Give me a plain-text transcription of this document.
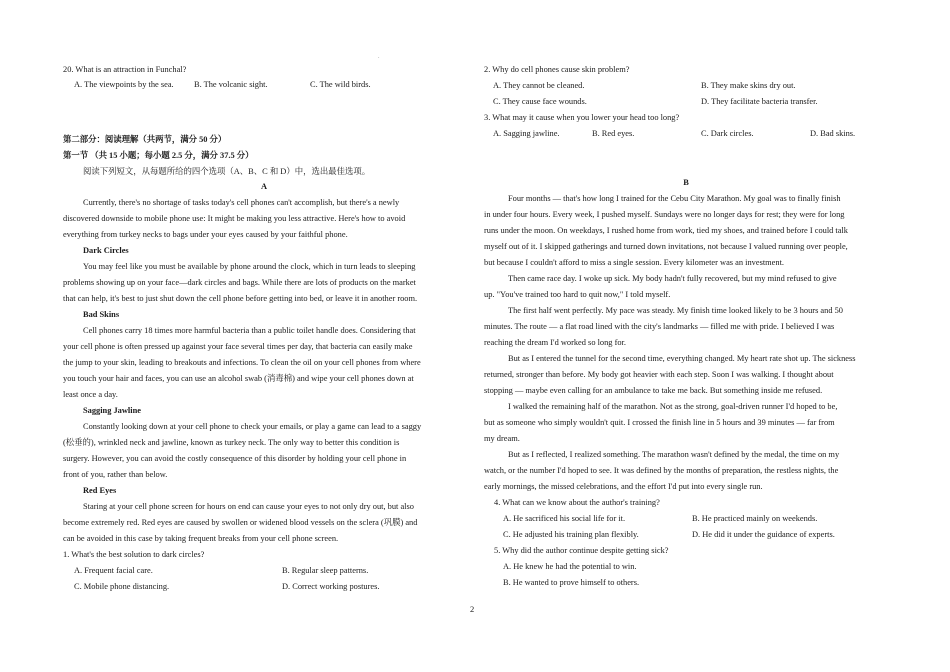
.
20. What is an attraction in Funchal?
A. The viewpoints by the sea. B. The volcanic sight.	C. The wild birds.
第二部分：阅读理解（共两节，满分 50 分）
第一节 （共 15 小题；每小题 2.5 分，满分 37.5 分）
阅读下列短文，从每题所给的四个选项（A、B、C 和 D）中，选出最佳选项。
A
Currently, there's no shortage of tasks today's cell phones can't accomplish, but there's a newly
discovered downside to mobile phone use: It might be making you less attractive. Here's how to avoid
everything from turkey necks to bags under your eyes caused by your faithful phone.
Dark Circles
You may feel like you must be available by phone around the clock, which in turn leads to sleeping
problems showing up on your face—dark circles and bags. While there are lots of products on the market
that can help, it's best to just shut down the cell phone before getting into bed, or leave it in another room.
Bad Skins
Cell phones carry 18 times more harmful bacteria than a public toilet handle does. Considering that
your cell phone is often pressed up against your face several times per day, that bacteria can easily make
the jump to your skin, leading to breakouts and infections. To clean the oil on your cell phones from where
you touch your hair and faces, you can use an alcohol swab (消毒棉) and wipe your cell phones down at
least once a day.
Sagging Jawline
Constantly looking down at your cell phone to check your emails, or play a game can lead to a saggy
(松垂的), wrinkled neck and jawline, known as turkey neck. The only way to better this condition is
surgery. However, you can avoid the costly consequence of this disorder by holding your cell phone in
front of you, rather than below.
Red Eyes
Staring at your cell phone screen for hours on end can cause your eyes to not only dry out, but also
become extremely red. Red eyes are caused by swollen or widened blood vessels on the sclera (巩膜) and
can be avoided in this case by taking frequent breaks from your cell phone screen.
1. What's the best solution to dark circles?
A. Frequent facial care.	B. Regular sleep patterns.
C. Mobile phone distancing.	D. Correct working postures.
2. Why do cell phones cause skin problem?
A. They cannot be cleaned.	B. They make skins dry out.
C. They cause face wounds.	D. They facilitate bacteria transfer.
3. What may it cause when you lower your head too long?
A. Sagging jawline.	B. Red eyes.	C. Dark circles.	D. Bad skins.
B
Four months — that's how long I trained for the Cebu City Marathon. My goal was to finally finish
in under four hours. Every week, I pushed myself. Sundays were no longer days for rest; they were for long
runs under the moon. On weekdays, I rushed home from work, tied my shoes, and trained before I could talk
myself out of it. I skipped gatherings and turned down invitations, not because I valued running over people,
but because I couldn't afford to miss a single session. Every kilometer was an investment.
Then came race day. I woke up sick. My body hadn't fully recovered, but my mind refused to give
up. "You've trained too hard to quit now," I told myself.
The first half went perfectly. My pace was steady. My finish time looked likely to be 3 hours and 50
minutes. The route — a flat road lined with the city's landmarks — filled me with pride. I believed I was
reaching the dream I'd worked so long for.
But as I entered the tunnel for the second time, everything changed. My heart rate shot up. The sickness
returned, stronger than before. My body got heavier with each step. Soon I was walking. I thought about
stopping — maybe even calling for an ambulance to take me back. But something inside me refused.
I walked the remaining half of the marathon. Not as the strong, goal-driven runner I'd hoped to be,
but as someone who simply wouldn't quit. I crossed the finish line in 5 hours and 39 minutes — far from
my dream.
But as I reflected, I realized something. The marathon wasn't defined by the medal, the time on my
watch, or the number I'd hoped to see. It was defined by the months of preparation, the restless nights, the
early mornings, the missed celebrations, and the effort I'd put into every single run.
4. What can we know about the author's training?
A. He sacrificed his social life for it.	B. He practiced mainly on weekends.
C. He adjusted his training plan flexibly.	D. He did it under the guidance of experts.
5. Why did the author continue despite getting sick?
A. He knew he had the potential to win.
B. He wanted to prove himself to others.
2
